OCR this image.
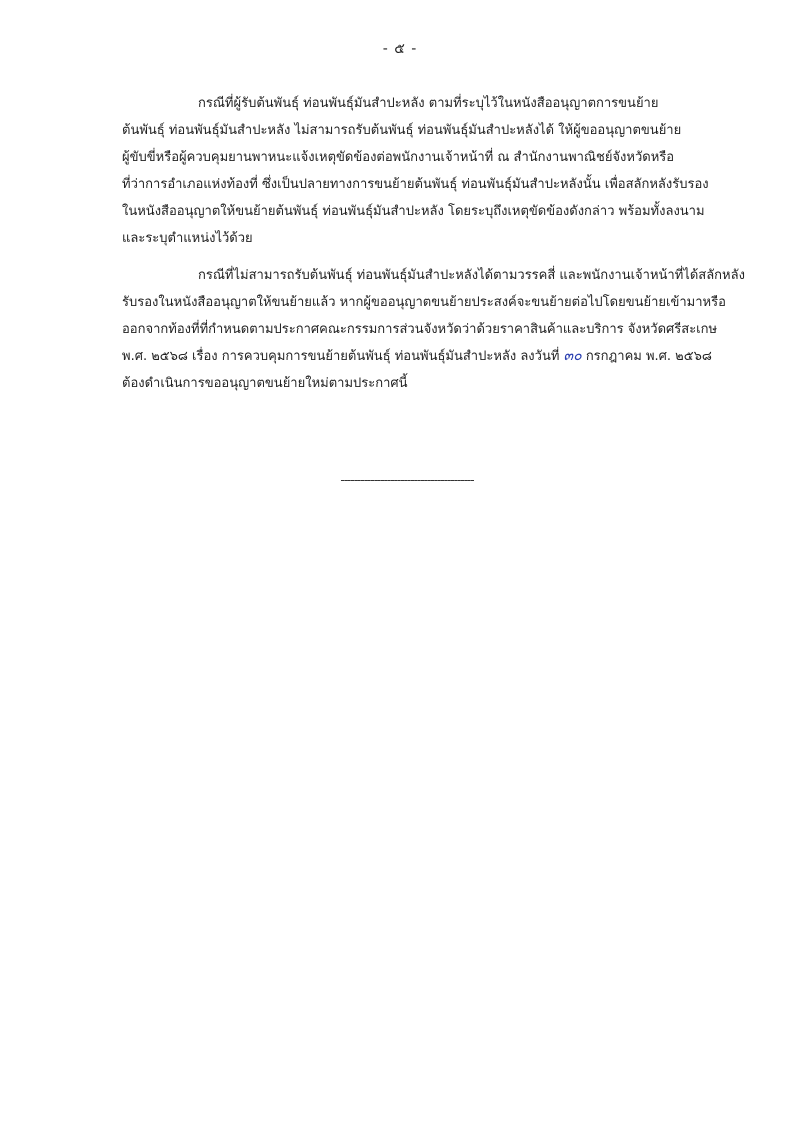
- ๕ -
กรณีที่ผู้รับต้นพันธุ์ ท่อนพันธุ์มันสำปะหลัง ตามที่ระบุไว้ในหนังสืออนุญาตการขนย้าย
ต้นพันธุ์ ท่อนพันธุ์มันสำปะหลัง ไม่สามารถรับต้นพันธุ์ ท่อนพันธุ์มันสำปะหลังได้ ให้ผู้ขออนุญาตขนย้าย
ผู้ขับขี่หรือผู้ควบคุมยานพาหนะแจ้งเหตุขัดข้องต่อพนักงานเจ้าหน้าที่ ณ สำนักงานพาณิชย์จังหวัดหรือ
ที่ว่าการอำเภอแห่งท้องที่ ซึ่งเป็นปลายทางการขนย้ายต้นพันธุ์ ท่อนพันธุ์มันสำปะหลังนั้น เพื่อสลักหลังรับรอง
ในหนังสืออนุญาตให้ขนย้ายต้นพันธุ์ ท่อนพันธุ์มันสำปะหลัง โดยระบุถึงเหตุขัดข้องดังกล่าว พร้อมทั้งลงนาม
และระบุตำแหน่งไว้ด้วย
กรณีที่ไม่สามารถรับต้นพันธุ์ ท่อนพันธุ์มันสำปะหลังได้ตามวรรคสี่ และพนักงานเจ้าหน้าที่ได้สลักหลัง
รับรองในหนังสืออนุญาตให้ขนย้ายแล้ว หากผู้ขออนุญาตขนย้ายประสงค์จะขนย้ายต่อไปโดยขนย้ายเข้ามาหรือ
ออกจากท้องที่ที่กำหนดตามประกาศคณะกรรมการส่วนจังหวัดว่าด้วยราคาสินค้าและบริการ จังหวัดศรีสะเกษ
พ.ศ. ๒๕๖๘ เรื่อง การควบคุมการขนย้ายต้นพันธุ์ ท่อนพันธุ์มันสำปะหลัง ลงวันที่ ๓๐ กรกฎาคม พ.ศ. ๒๕๖๘
ต้องดำเนินการขออนุญาตขนย้ายใหม่ตามประกาศนี้
----------------------------------------
